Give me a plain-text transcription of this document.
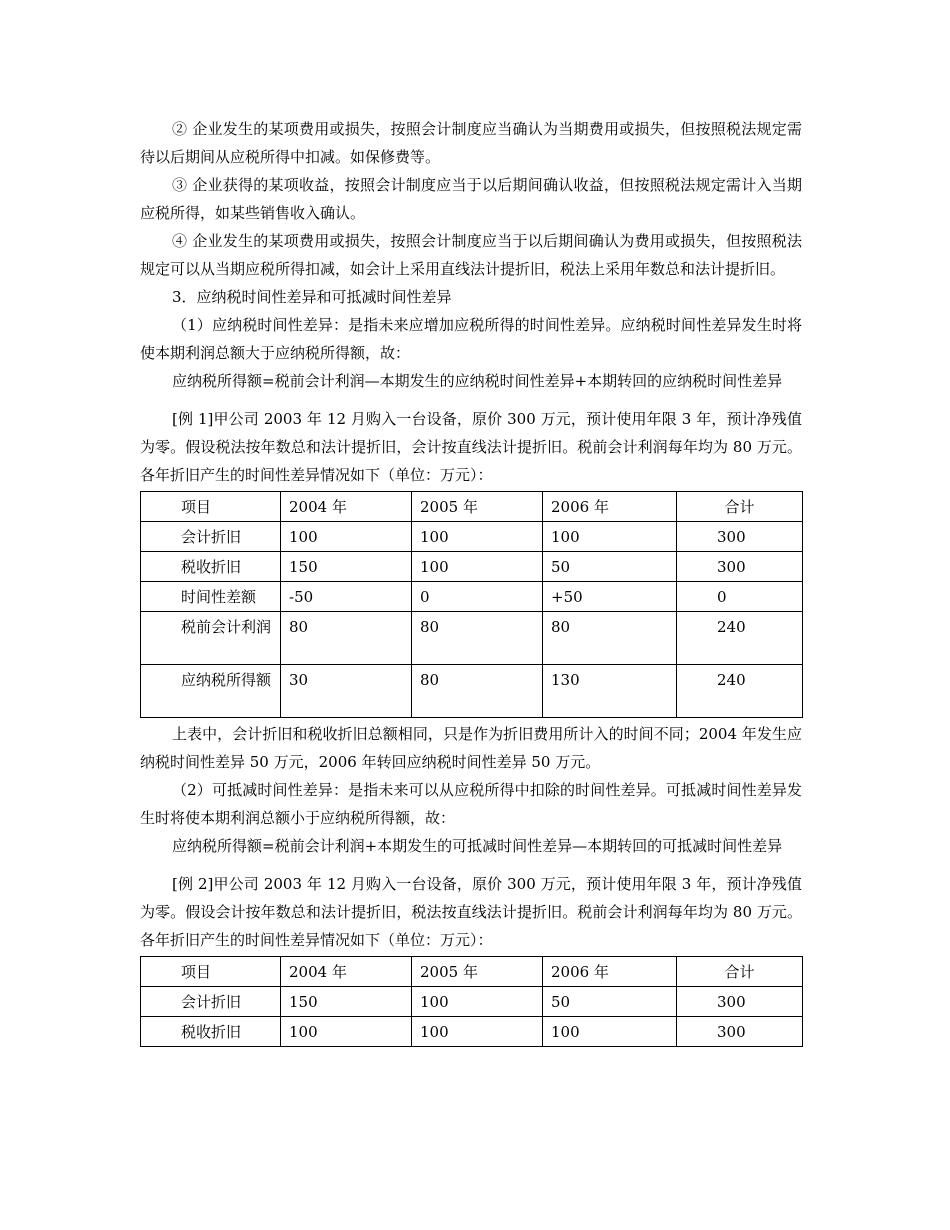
② 企业发生的某项费用或损失，按照会计制度应当确认为当期费用或损失，但按照税法规定需待以后期间从应税所得中扣减。如保修费等。

③ 企业获得的某项收益，按照会计制度应当于以后期间确认收益，但按照税法规定需计入当期应税所得，如某些销售收入确认。

④ 企业发生的某项费用或损失，按照会计制度应当于以后期间确认为费用或损失，但按照税法规定可以从当期应税所得扣减，如会计上采用直线法计提折旧，税法上采用年数总和法计提折旧。

3．应纳税时间性差异和可抵减时间性差异

（1）应纳税时间性差异：是指未来应增加应税所得的时间性差异。应纳税时间性差异发生时将使本期利润总额大于应纳税所得额，故：

应纳税所得额=税前会计利润—本期发生的应纳税时间性差异+本期转回的应纳税时间性差异

[例 1]甲公司 2003 年 12 月购入一台设备，原价 300 万元，预计使用年限 3 年，预计净残值为零。假设税法按年数总和法计提折旧，会计按直线法计提折旧。税前会计利润每年均为 80 万元。各年折旧产生的时间性差异情况如下（单位：万元）：

项目	2004 年	2005 年	2006 年	合计
会计折旧	100	100	100	300
税收折旧	150	100	50	300
时间性差额	-50	0	+50	0
税前会计利润	80	80	80	240
应纳税所得额	30	80	130	240

上表中，会计折旧和税收折旧总额相同，只是作为折旧费用所计入的时间不同；2004 年发生应纳税时间性差异 50 万元，2006 年转回应纳税时间性差异 50 万元。

（2）可抵减时间性差异：是指未来可以从应税所得中扣除的时间性差异。可抵减时间性差异发生时将使本期利润总额小于应纳税所得额，故：

应纳税所得额=税前会计利润+本期发生的可抵减时间性差异—本期转回的可抵减时间性差异

[例 2]甲公司 2003 年 12 月购入一台设备，原价 300 万元，预计使用年限 3 年，预计净残值为零。假设会计按年数总和法计提折旧，税法按直线法计提折旧。税前会计利润每年均为 80 万元。各年折旧产生的时间性差异情况如下（单位：万元）：

项目	2004 年	2005 年	2006 年	合计
会计折旧	150	100	50	300
税收折旧	100	100	100	300
